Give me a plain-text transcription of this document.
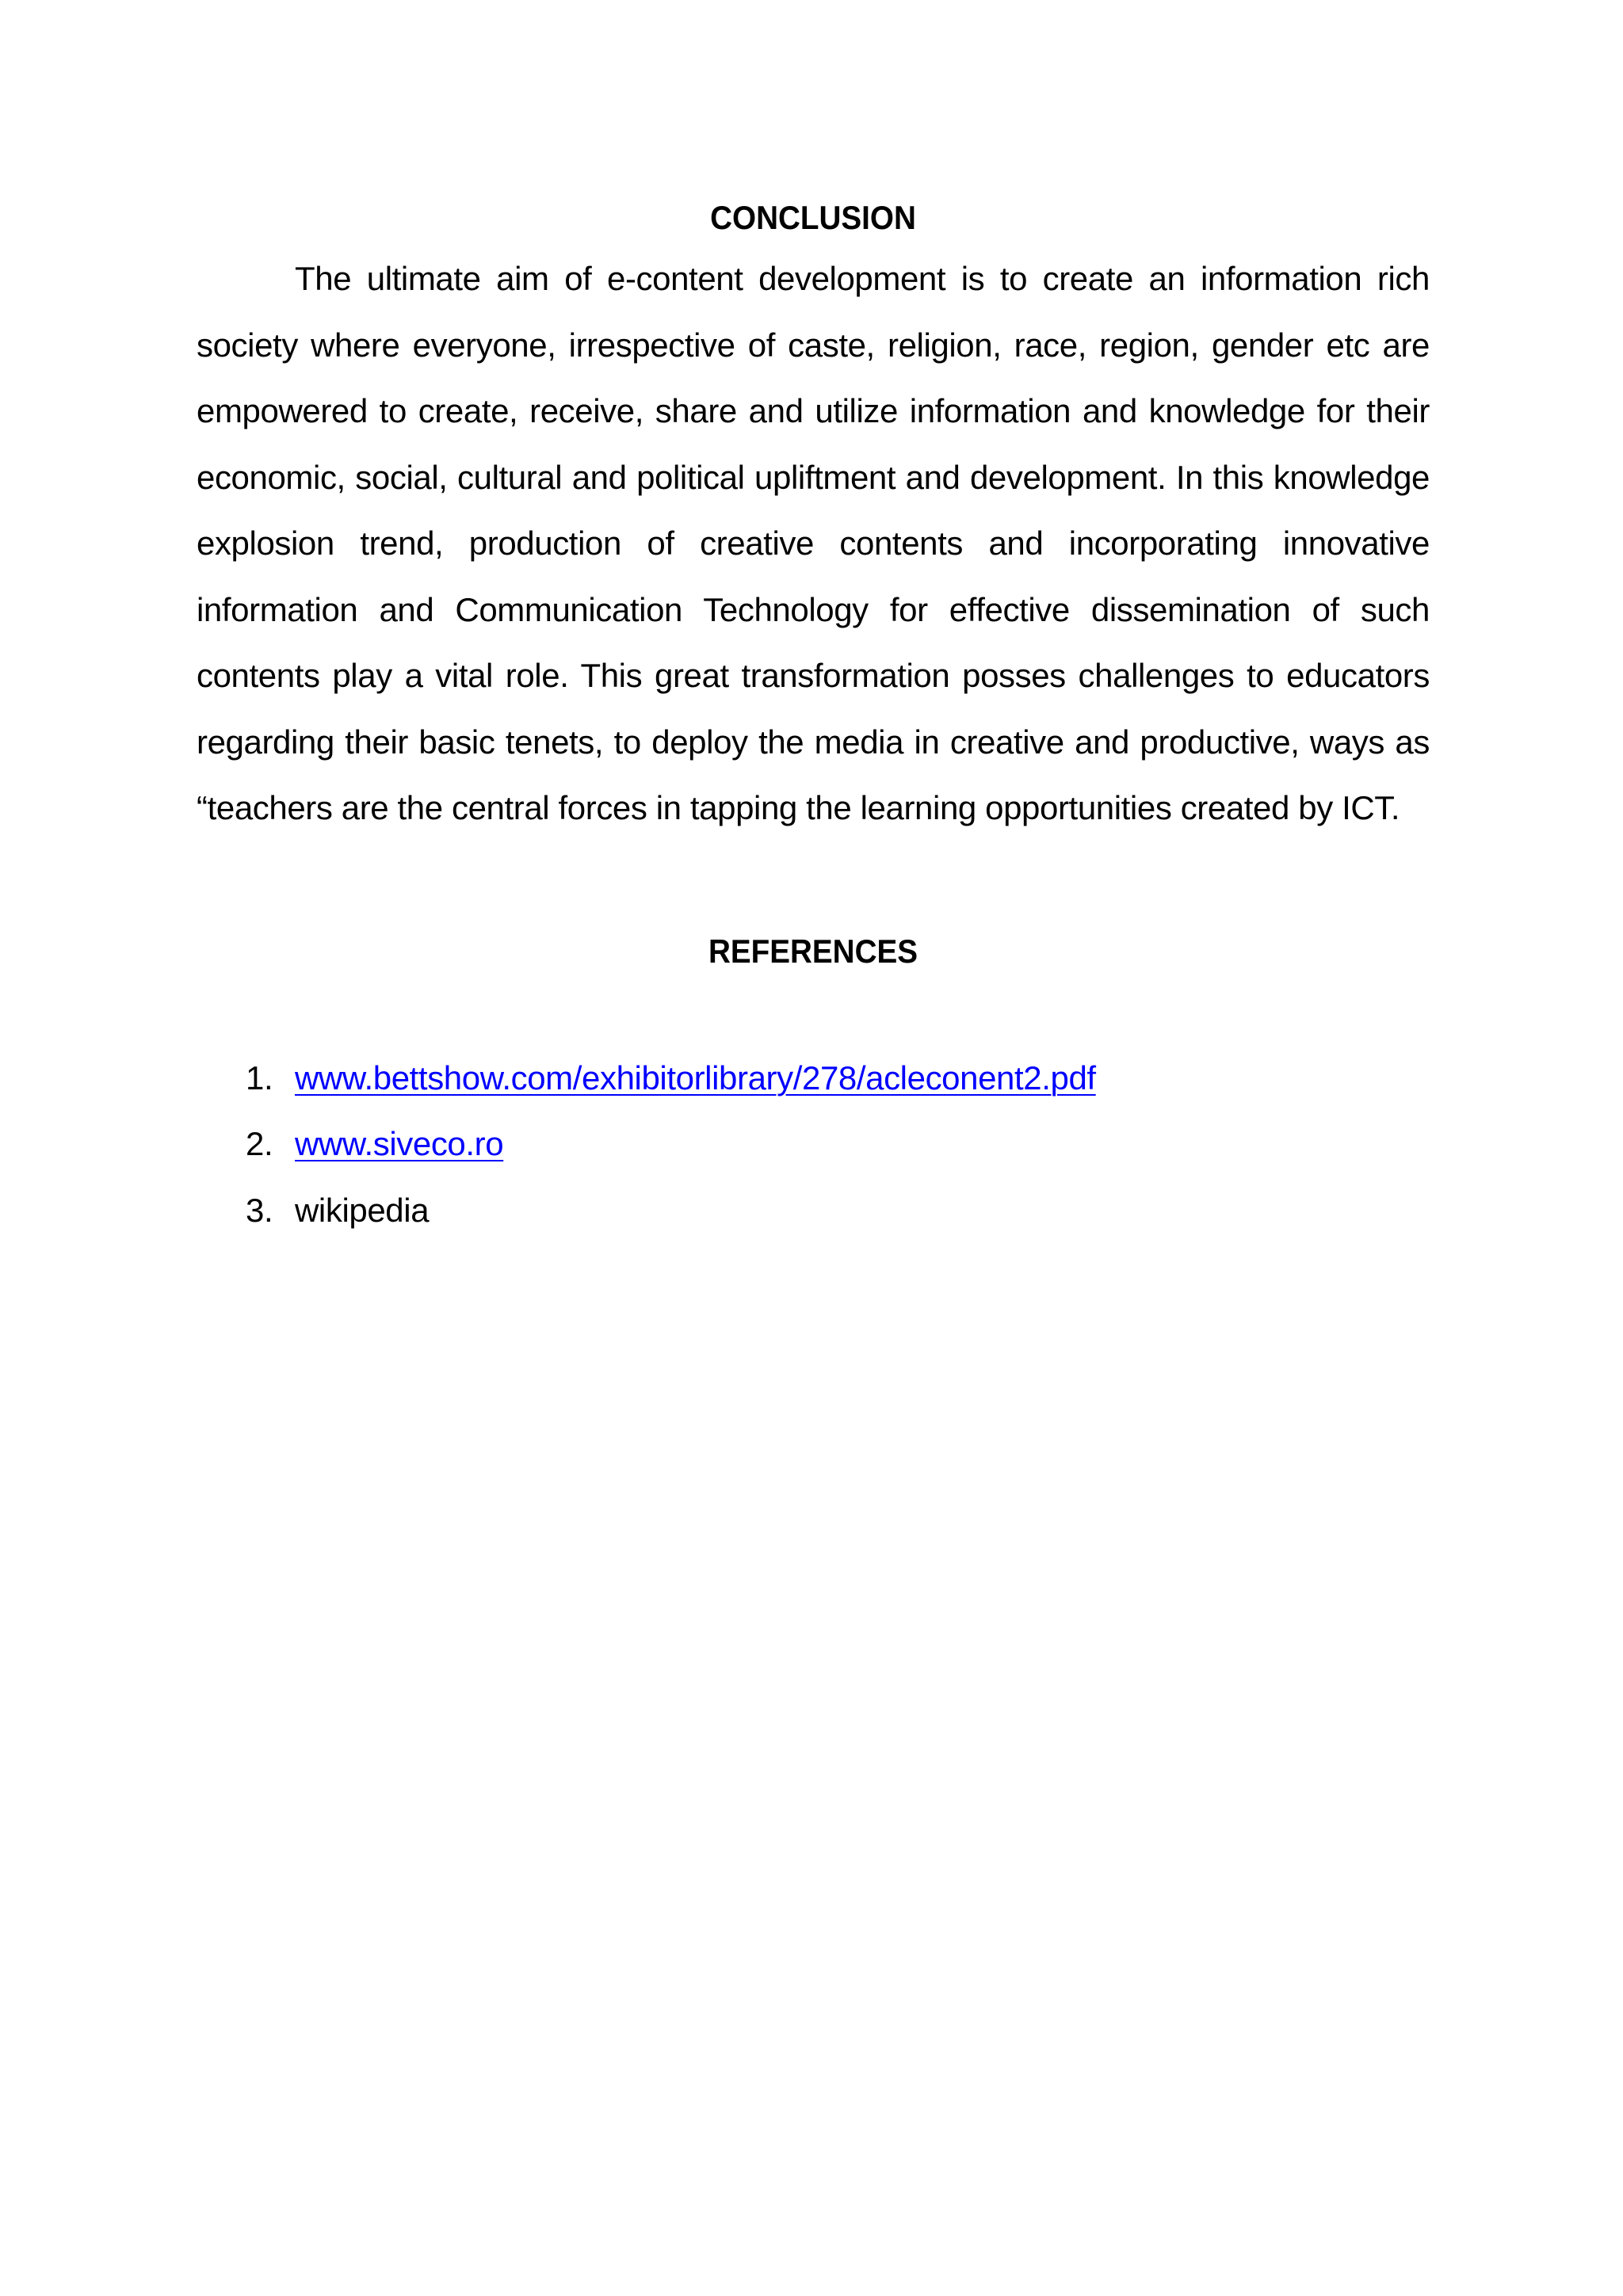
CONCLUSION

The ultimate aim of e-content development is to create an information rich society where everyone, irrespective of caste, religion, race, region, gender etc are empowered to create, receive, share and utilize information and knowledge for their economic, social, cultural and political upliftment and development. In this knowledge explosion trend, production of creative contents and incorporating innovative information and Communication Technology for effective dissemination of such contents play a vital role. This great transformation posses challenges to educators regarding their basic tenets, to deploy the media in creative and productive, ways as “teachers are the central forces in tapping the learning opportunities created by ICT.

REFERENCES
1. www.bettshow.com/exhibitorlibrary/278/acleconent2.pdf
2. www.siveco.ro
3. wikipedia
